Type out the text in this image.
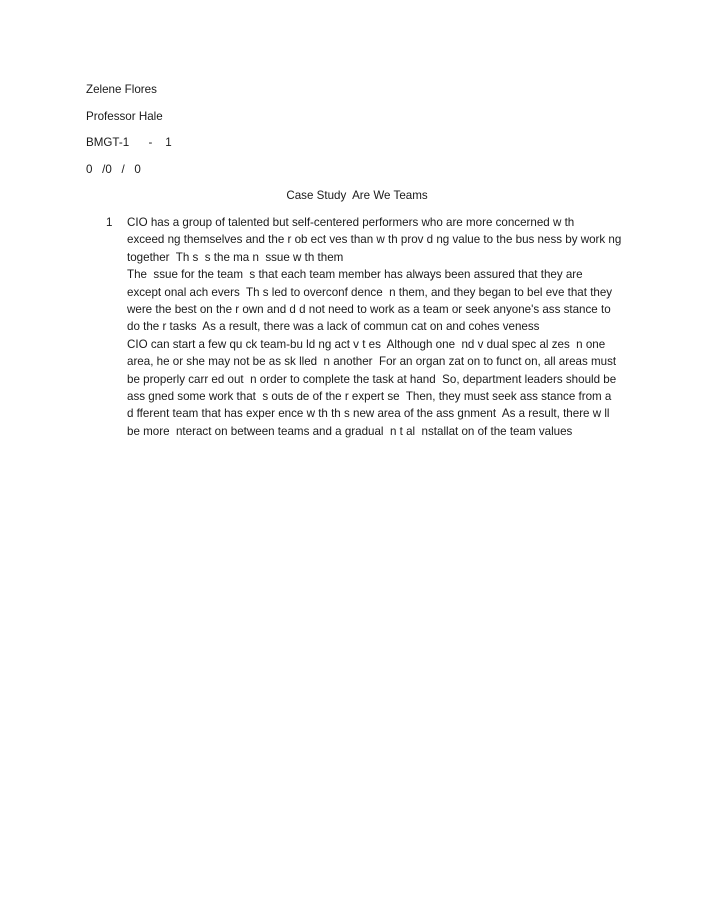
Zelene Flores
Professor Hale
BMGT-1      -    1
0   /0   /   0
Case Study  Are We Teams
1 CIO has a group of talented but self-centered performers who are more concerned w th
exceed ng themselves and the r ob ect ves than w th prov d ng value to the bus ness by work ng
together  Th s  s the ma n  ssue w th them
The  ssue for the team  s that each team member has always been assured that they are
except onal ach evers  Th s led to overconf dence  n them, and they began to bel eve that they
were the best on the r own and d d not need to work as a team or seek anyone's ass stance to
do the r tasks  As a result, there was a lack of commun cat on and cohes veness
CIO can start a few qu ck team-bu ld ng act v t es  Although one  nd v dual spec al zes  n one
area, he or she may not be as sk lled  n another  For an organ zat on to funct on, all areas must
be properly carr ed out  n order to complete the task at hand  So, department leaders should be
ass gned some work that  s outs de of the r expert se  Then, they must seek ass stance from a
d fferent team that has exper ence w th th s new area of the ass gnment  As a result, there w ll
be more  nteract on between teams and a gradual  n t al  nstallat on of the team values
